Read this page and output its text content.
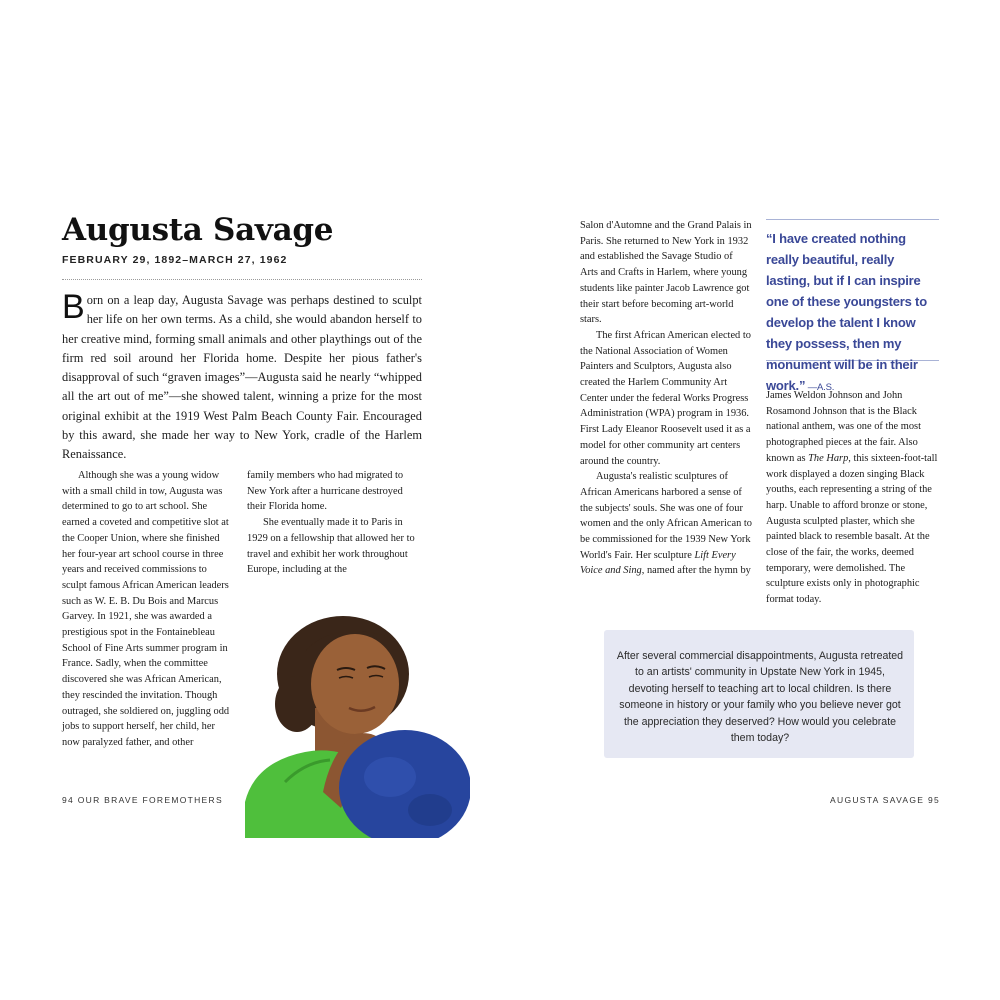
Augusta Savage
FEBRUARY 29, 1892–MARCH 27, 1962

Born on a leap day, Augusta Savage was perhaps destined to sculpt her life on her own terms. As a child, she would abandon herself to her creative mind, forming small animals and other playthings out of the firm red soil around her Florida home. Despite her pious father's disapproval of such “graven images”—Augusta said he nearly “whipped all the art out of me”—she showed talent, winning a prize for the most original exhibit at the 1919 West Palm Beach County Fair. Encouraged by this award, she made her way to New York, cradle of the Harlem Renaissance.

Although she was a young widow with a small child in tow, Augusta was determined to go to art school. She earned a coveted and competitive slot at the Cooper Union, where she finished her four-year art school course in three years and received commissions to sculpt famous African American leaders such as W. E. B. Du Bois and Marcus Garvey. In 1921, she was awarded a prestigious spot in the Fontainebleau School of Fine Arts summer program in France. Sadly, when the committee discovered she was African American, they rescinded the invitation. Though outraged, she soldiered on, juggling odd jobs to support herself, her child, her now paralyzed father, and other

family members who had migrated to New York after a hurricane destroyed their Florida home.

She eventually made it to Paris in 1929 on a fellowship that allowed her to travel and exhibit her work throughout Europe, including at the

94 OUR BRAVE FOREMOTHERS

Salon d'Automne and the Grand Palais in Paris. She returned to New York in 1932 and established the Savage Studio of Arts and Crafts in Harlem, where young students like painter Jacob Lawrence got their start before becoming art-world stars.

The first African American elected to the National Association of Women Painters and Sculptors, Augusta also created the Harlem Community Art Center under the federal Works Progress Administration (WPA) program in 1936. First Lady Eleanor Roosevelt used it as a model for other community art centers around the country.

Augusta's realistic sculptures of African Americans harbored a sense of the subjects' souls. She was one of four women and the only African American to be commissioned for the 1939 New York World's Fair. Her sculpture Lift Every Voice and Sing, named after the hymn by

“I have created nothing really beautiful, really lasting, but if I can inspire one of these youngsters to develop the talent I know they possess, then my monument will be in their work.” —A.S.

James Weldon Johnson and John Rosamond Johnson that is the Black national anthem, was one of the most photographed pieces at the fair. Also known as The Harp, this sixteen-foot-tall work displayed a dozen singing Black youths, each representing a string of the harp. Unable to afford bronze or stone, Augusta sculpted plaster, which she painted black to resemble basalt. At the close of the fair, the works, deemed temporary, were demolished. The sculpture exists only in photographic format today.

After several commercial disappointments, Augusta retreated to an artists' community in Upstate New York in 1945, devoting herself to teaching art to local children. Is there someone in history or your family who you believe never got the appreciation they deserved? How would you celebrate them today?
AUGUSTA SAVAGE 95
